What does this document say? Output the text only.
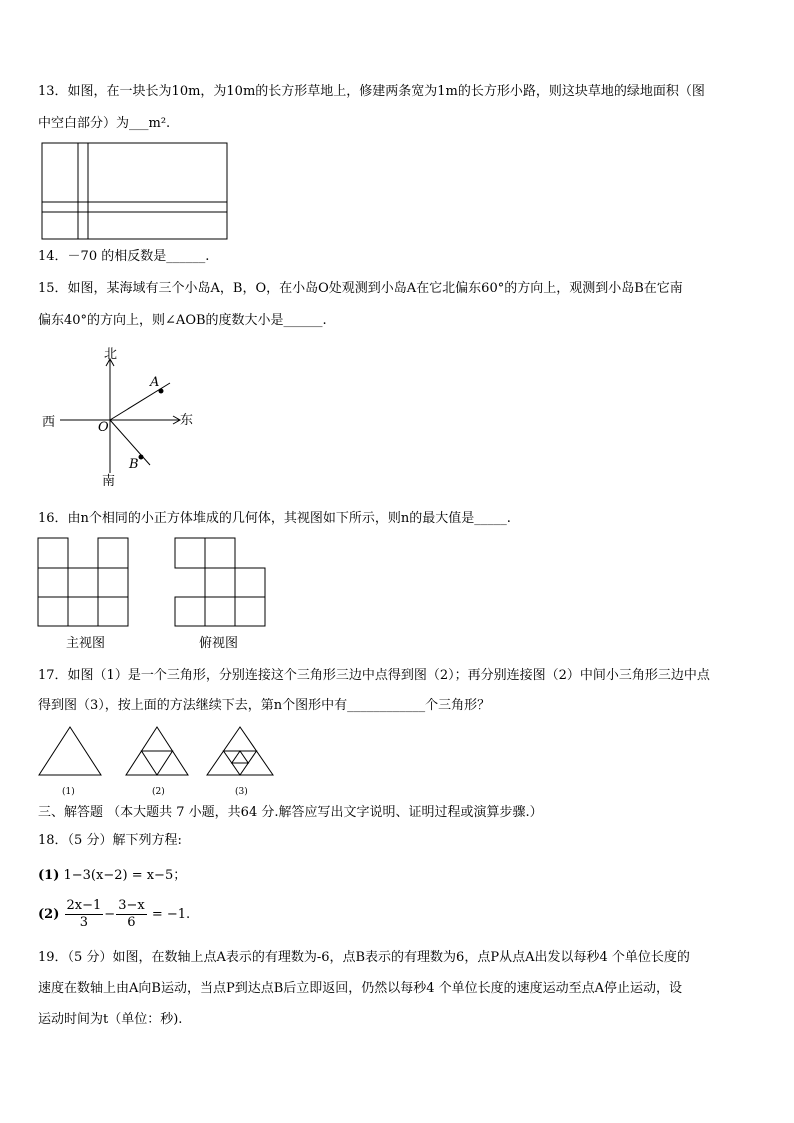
13．如图，在一块长为10m，为10m的长方形草地上，修建两条宽为1m的长方形小路，则这块草地的绿地面积（图
中空白部分）为___m².
14．－70 的相反数是______.
15．如图，某海域有三个小岛A，B，O，在小岛O处观测到小岛A在它北偏东60°的方向上，观测到小岛B在它南
偏东40°的方向上，则∠AOB的度数大小是______.
北
南
东
西	O
A
B
16．由n个相同的小正方体堆成的几何体，其视图如下所示，则n的最大值是_____.
主视图	俯视图
17．如图（1）是一个三角形，分别连接这个三角形三边中点得到图（2）；再分别连接图（2）中间小三角形三边中点
得到图（3），按上面的方法继续下去，第n个图形中有____________个三角形？
(1)	(2)	(3)
三、解答题 （本大题共 7 小题，共64 分.解答应写出文字说明、证明过程或演算步骤.）
18．（5 分）解下列方程:
(1) 1−3(x−2) = x−5；
$(2) \frac{2x-1}{3} - \frac{3-x}{6} = -1$.
19．（5 分）如图，在数轴上点A表示的有理数为-6，点B表示的有理数为6，点P从点A出发以每秒4 个单位长度的
速度在数轴上由A向B运动，当点P到达点B后立即返回，仍然以每秒4 个单位长度的速度运动至点A停止运动，设
运动时间为t（单位：秒).
